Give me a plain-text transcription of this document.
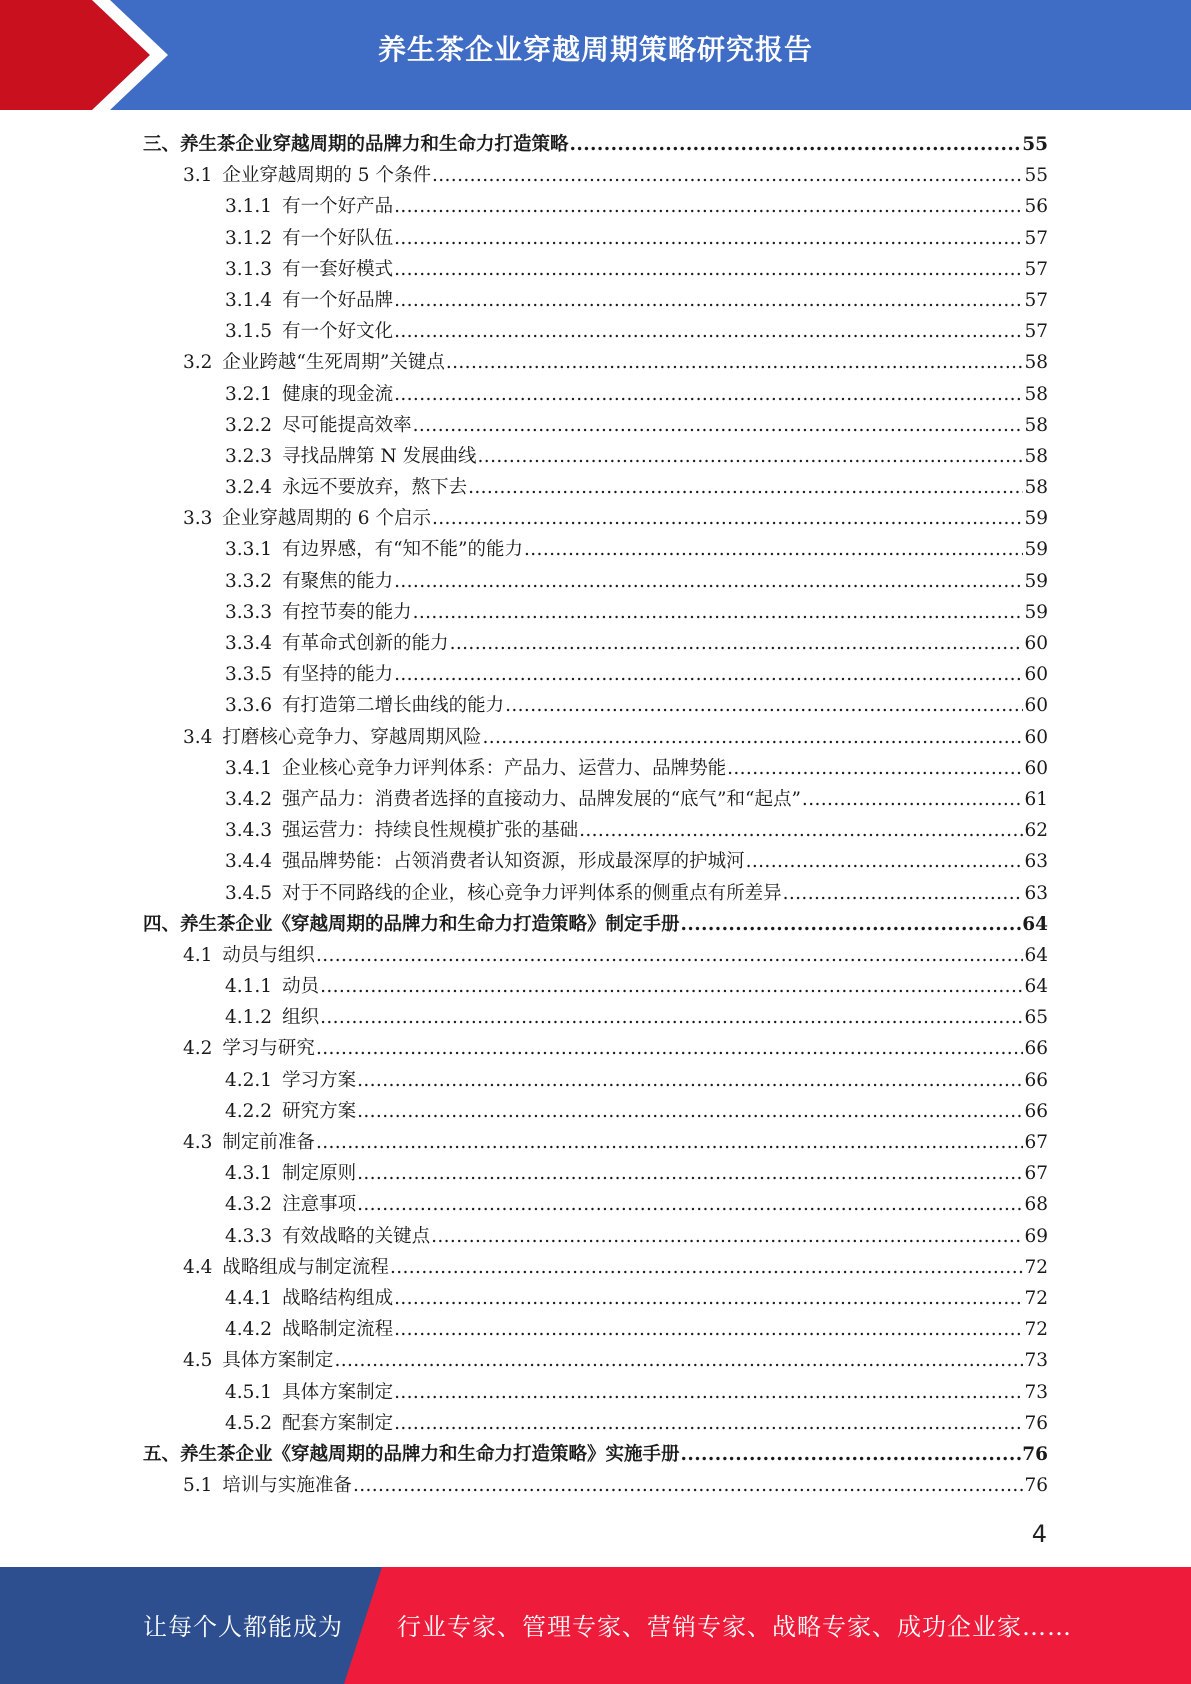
养生茶企业穿越周期策略研究报告
三、 养生茶企业穿越周期的品牌力和生命力打造策略 .....	55
3.1 企业穿越周期的 5 个条件 .....	55
3.1.1 有一个好产品 .....	56
3.1.2 有一个好队伍 .....	57
3.1.3 有一套好模式 .....	57
3.1.4 有一个好品牌 .....	57
3.1.5 有一个好文化 .....	57
3.2 企业跨越“生死周期”关键点 .....	58
3.2.1 健康的现金流 .....	58
3.2.2 尽可能提高效率 .....	58
3.2.3 寻找品牌第 N 发展曲线 .....	58
3.2.4 永远不要放弃，熬下去 .....	58
3.3 企业穿越周期的 6 个启示 .....	59
3.3.1 有边界感，有“知不能”的能力 .....	59
3.3.2 有聚焦的能力 .....	59
3.3.3 有控节奏的能力 .....	59
3.3.4 有革命式创新的能力 .....	60
3.3.5 有坚持的能力 .....	60
3.3.6 有打造第二增长曲线的能力 .....	60
3.4 打磨核心竞争力、穿越周期风险 .....	60
3.4.1 企业核心竞争力评判体系：产品力、运营力、品牌势能 .....	60
3.4.2 强产品力：消费者选择的直接动力、品牌发展的“底气”和“起点” .....	61
3.4.3 强运营力：持续良性规模扩张的基础 .....	62
3.4.4 强品牌势能：占领消费者认知资源，形成最深厚的护城河 .....	63
3.4.5 对于不同路线的企业，核心竞争力评判体系的侧重点有所差异 .....	63
四、 养生茶企业《穿越周期的品牌力和生命力打造策略》制定手册 .....	64
4.1 动员与组织 .....	64
4.1.1 动员 .....	64
4.1.2 组织 .....	65
4.2 学习与研究 .....	66
4.2.1 学习方案 .....	66
4.2.2 研究方案 .....	66
4.3 制定前准备 .....	67
4.3.1 制定原则 .....	67
4.3.2 注意事项 .....	68
4.3.3 有效战略的关键点 .....	69
4.4 战略组成与制定流程 .....	72
4.4.1 战略结构组成 .....	72
4.4.2 战略制定流程 .....	72
4.5 具体方案制定 .....	73
4.5.1 具体方案制定 .....	73
4.5.2 配套方案制定 .....	76
五、 养生茶企业《穿越周期的品牌力和生命力打造策略》实施手册 .....	76
5.1 培训与实施准备 .....	76
4
让每个人都能成为 行业专家、管理专家、营销专家、战略专家、成功企业家……
